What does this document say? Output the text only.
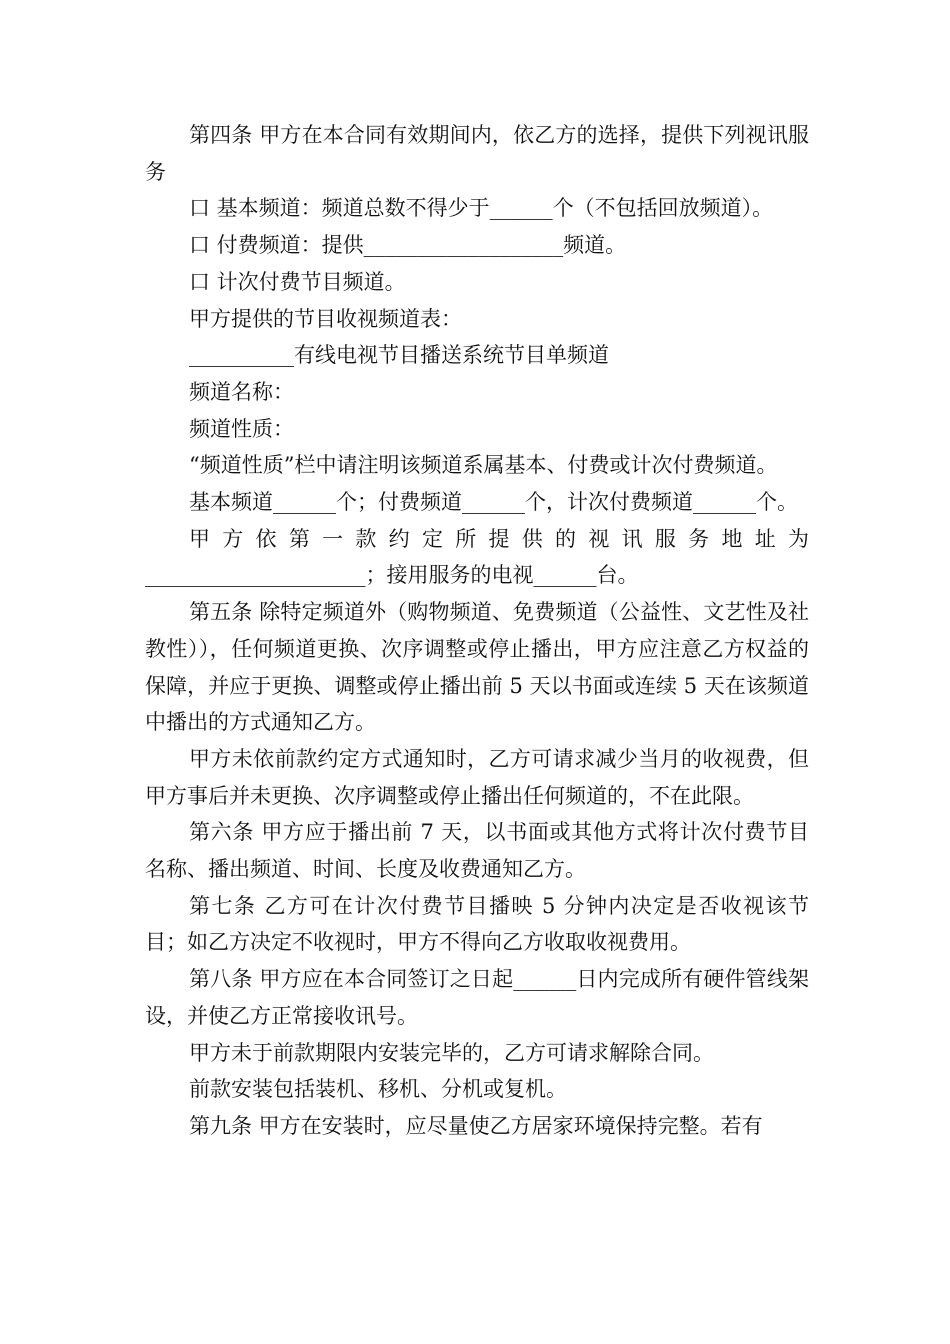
第四条 甲方在本合同有效期间内，依乙方的选择，提供下列视讯服务

口 基本频道：频道总数不得少于______个（不包括回放频道）。

口 付费频道：提供___________________频道。

口 计次付费节目频道。

甲方提供的节目收视频道表：

__________有线电视节目播送系统节目单频道

频道名称：

频道性质：

“频道性质”栏中请注明该频道系属基本、付费或计次付费频道。

基本频道______个；付费频道______个，计次付费频道______个。

甲方依第一款约定所提供的视讯服务地址为_____________________；接用服务的电视______台。

第五条 除特定频道外（购物频道、免费频道（公益性、文艺性及社教性）），任何频道更换、次序调整或停止播出，甲方应注意乙方权益的保障，并应于更换、调整或停止播出前 5 天以书面或连续 5 天在该频道中播出的方式通知乙方。

甲方未依前款约定方式通知时，乙方可请求减少当月的收视费，但甲方事后并未更换、次序调整或停止播出任何频道的，不在此限。

第六条 甲方应于播出前 7 天，以书面或其他方式将计次付费节目名称、播出频道、时间、长度及收费通知乙方。

第七条 乙方可在计次付费节目播映 5 分钟内决定是否收视该节目；如乙方决定不收视时，甲方不得向乙方收取收视费用。

第八条 甲方应在本合同签订之日起______日内完成所有硬件管线架设，并使乙方正常接收讯号。

甲方未于前款期限内安装完毕的，乙方可请求解除合同。

前款安装包括装机、移机、分机或复机。

第九条 甲方在安装时，应尽量使乙方居家环境保持完整。若有
